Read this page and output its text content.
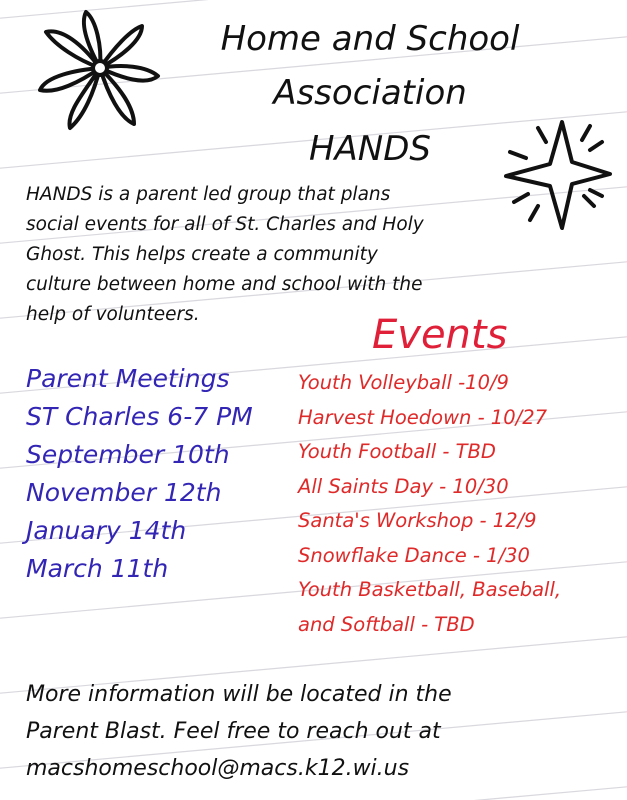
Home and School
Association
HANDS
HANDS is a parent led group that plans
social events for all of St. Charles and Holy
Ghost. This helps create a community
culture between home and school with the
help of volunteers.	Events
Parent Meetings
ST Charles 6-7 PM
September 10th
November 12th
January 14th
March 11th
Youth Volleyball -10/9
Harvest Hoedown - 10/27
Youth Football - TBD
All Saints Day - 10/30
Santa's Workshop - 12/9
Snowflake Dance - 1/30
Youth Basketball, Baseball,
and Softball - TBD
More information will be located in the
Parent Blast. Feel free to reach out at
macshomeschool@macs.k12.wi.us
